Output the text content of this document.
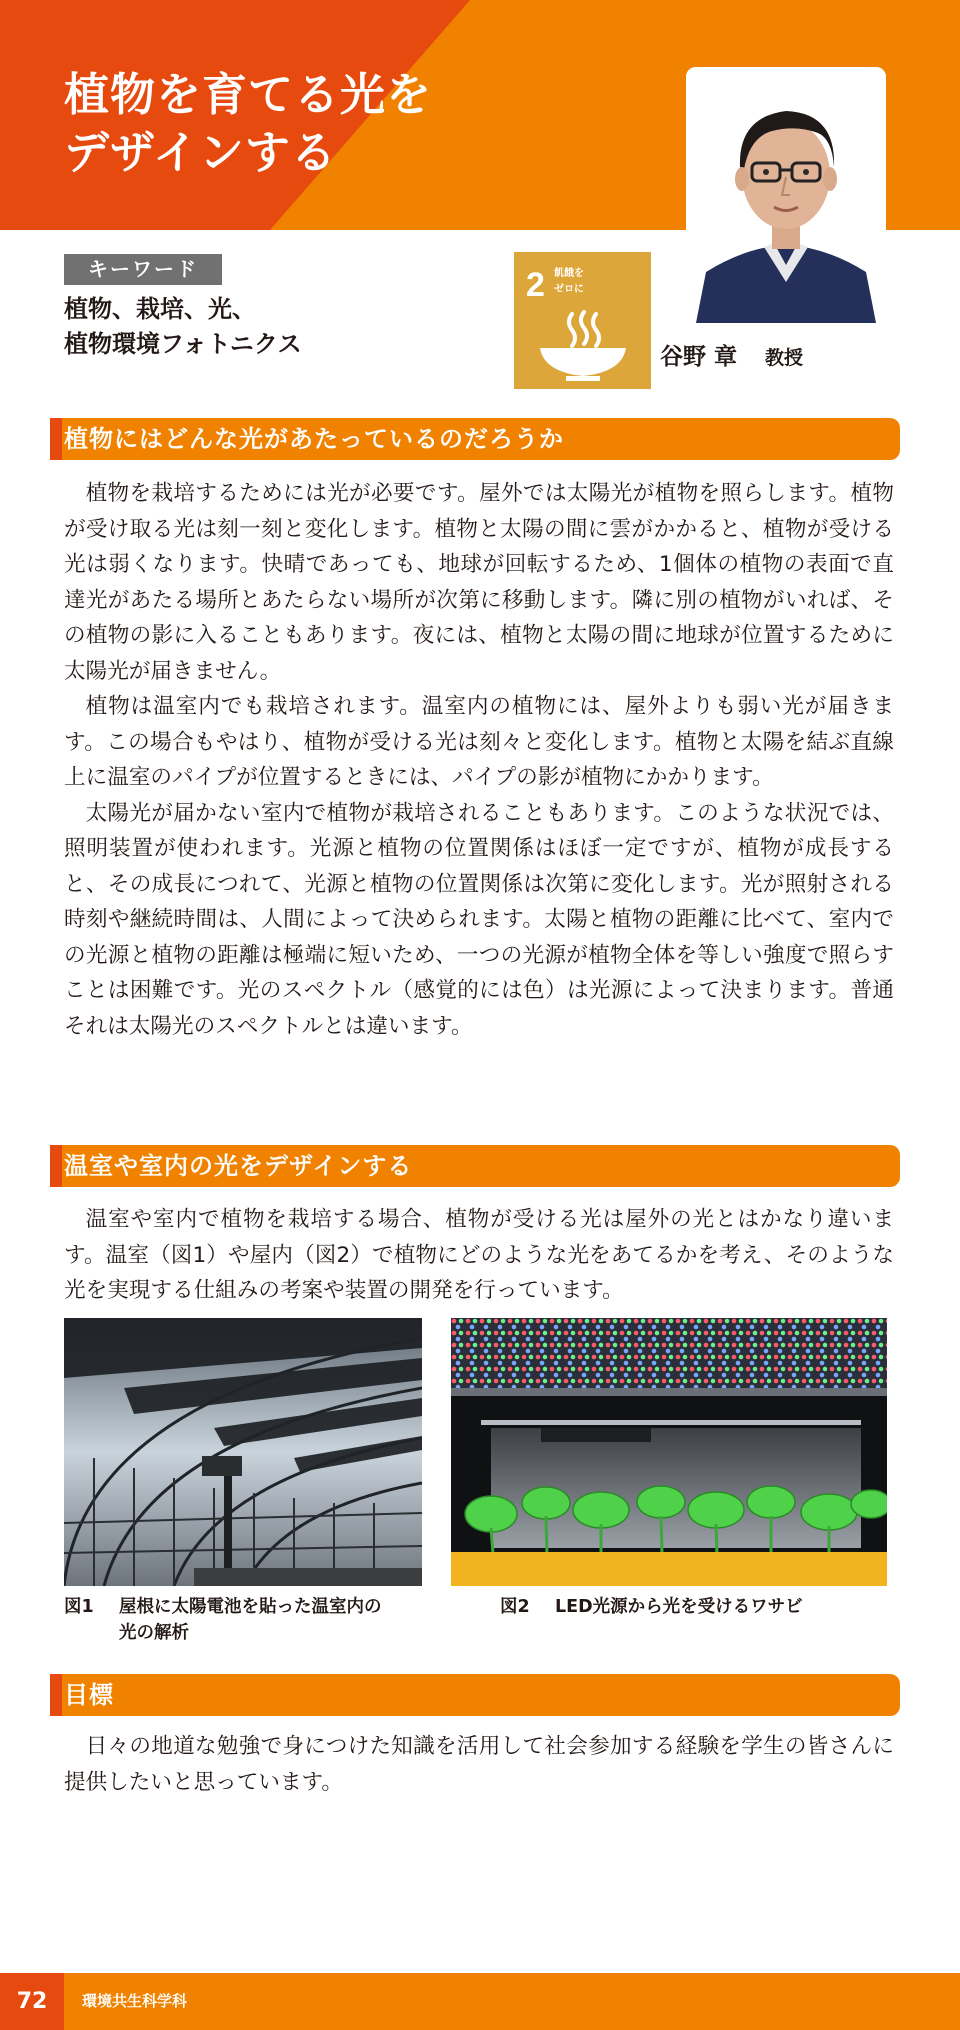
植物を育てる光を
デザインする
谷野 章 教授
キーワード
植物、栽培、光、
植物環境フォトニクス
2 飢餓を
ゼロに
植物にはどんな光があたっているのだろうか

植物を栽培するためには光が必要です。屋外では太陽光が植物を照らします。植物が受け取る光は刻一刻と変化します。植物と太陽の間に雲がかかると、植物が受ける光は弱くなります。快晴であっても、地球が回転するため、1個体の植物の表面で直達光があたる場所とあたらない場所が次第に移動します。隣に別の植物がいれば、その植物の影に入ることもあります。夜には、植物と太陽の間に地球が位置するために太陽光が届きません。

植物は温室内でも栽培されます。温室内の植物には、屋外よりも弱い光が届きます。この場合もやはり、植物が受ける光は刻々と変化します。植物と太陽を結ぶ直線上に温室のパイプが位置するときには、パイプの影が植物にかかります。

太陽光が届かない室内で植物が栽培されることもあります。このような状況では、照明装置が使われます。光源と植物の位置関係はほぼ一定ですが、植物が成長すると、その成長につれて、光源と植物の位置関係は次第に変化します。光が照射される時刻や継続時間は、人間によって決められます。太陽と植物の距離に比べて、室内での光源と植物の距離は極端に短いため、一つの光源が植物全体を等しい強度で照らすことは困難です。光のスペクトル（感覚的には色）は光源によって決まります。普通それは太陽光のスペクトルとは違います。

温室や室内の光をデザインする

温室や室内で植物を栽培する場合、植物が受ける光は屋外の光とはかなり違います。温室（図1）や屋内（図2）で植物にどのような光をあてるかを考え、そのような光を実現する仕組みの考案や装置の開発を行っています。

図1 屋根に太陽電池を貼った温室内の
光の解析
図2 LED光源から光を受けるワサビ
目標

日々の地道な勉強で身につけた知識を活用して社会参加する経験を学生の皆さんに提供したいと思っています。

72	環境共生科学科
